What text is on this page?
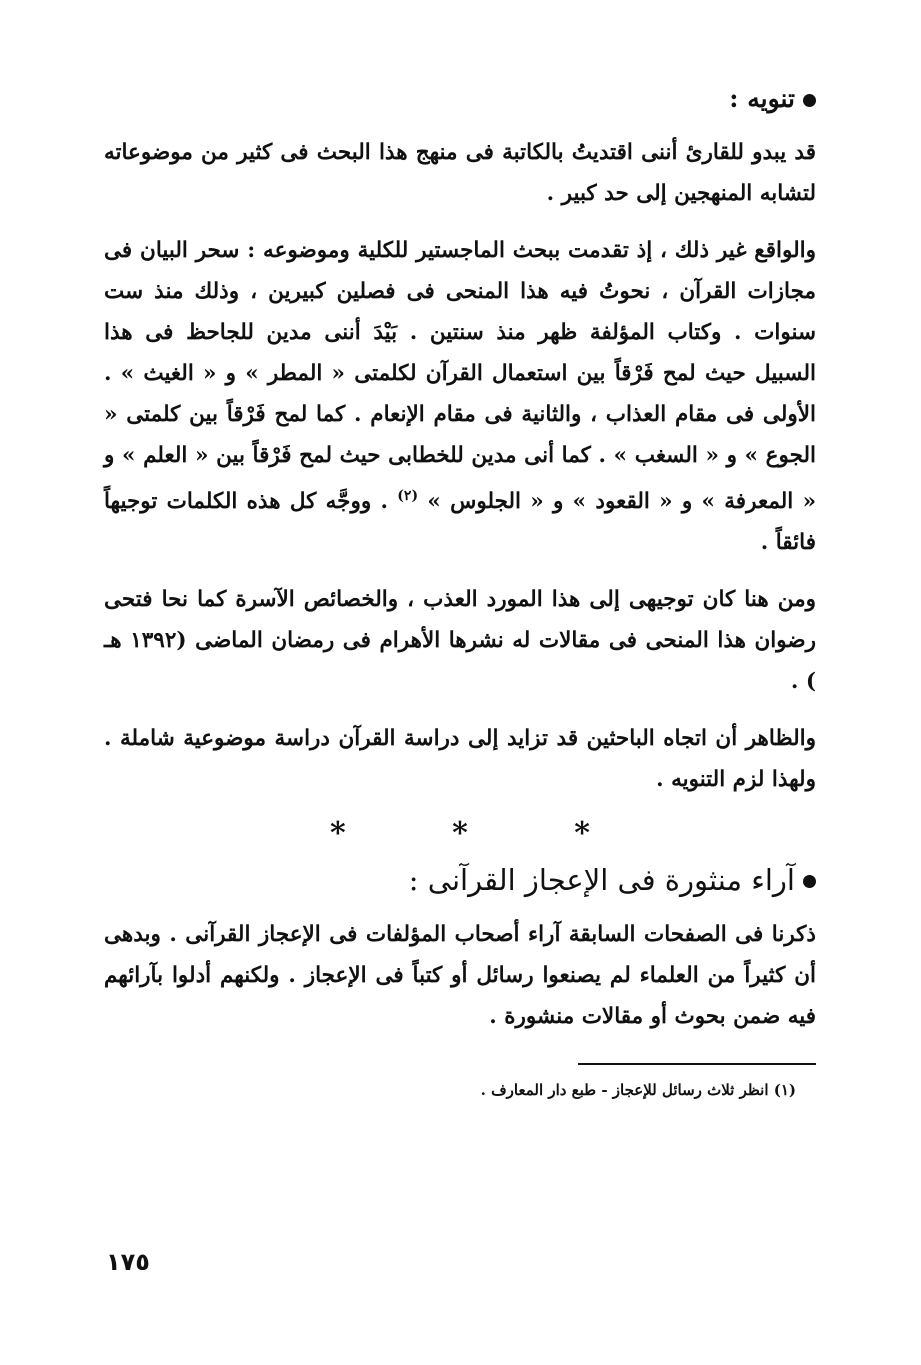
تنويه :

قد يبدو للقارئ أننى اقتديتُ بالكاتبة فى منهج هذا البحث فى كثير من موضوعاته لتشابه المنهجين إلى حد كبير .

والواقع غير ذلك ، إذ تقدمت ببحث الماجستير للكلية وموضوعه : سحر البيان فى مجازات القرآن ، نحوتُ فيه هذا المنحى فى فصلين كبيرين ، وذلك منذ ست سنوات . وكتاب المؤلفة ظهر منذ سنتين . بَيْدَ أننى مدين للجاحظ فى هذا السبيل حيث لمح فَرْقاً بين استعمال القرآن لكلمتى « المطر » و « الغيث » . الأولى فى مقام العذاب ، والثانية فى مقام الإنعام . كما لمح فَرْقاً بين كلمتى « الجوع » و « السغب » . كما أنى مدين للخطابى حيث لمح فَرْقاً بين « العلم » و « المعرفة » و « القعود » و « الجلوس » $^{(٢)}$ . ووجَّه كل هذه الكلمات توجيهاً فائقاً .

ومن هنا كان توجيهى إلى هذا المورد العذب ، والخصائص الآسرة كما نحا فتحى رضوان هذا المنحى فى مقالات له نشرها الأهرام فى رمضان الماضى (١٣٩٢ هـ ) .

والظاهر أن اتجاه الباحثين قد تزايد إلى دراسة القرآن دراسة موضوعية شاملة . ولهذا لزم التنويه .

* * *
آراء منثورة فى الإعجاز القرآنى :

ذكرنا فى الصفحات السابقة آراء أصحاب المؤلفات فى الإعجاز القرآنى . وبدهى أن كثيراً من العلماء لم يصنعوا رسائل أو كتباً فى الإعجاز . ولكنهم أدلوا بآرائهم فيه ضمن بحوث أو مقالات منشورة .

(١) انظر ثلاث رسائل للإعجاز - طبع دار المعارف .
١٧٥
